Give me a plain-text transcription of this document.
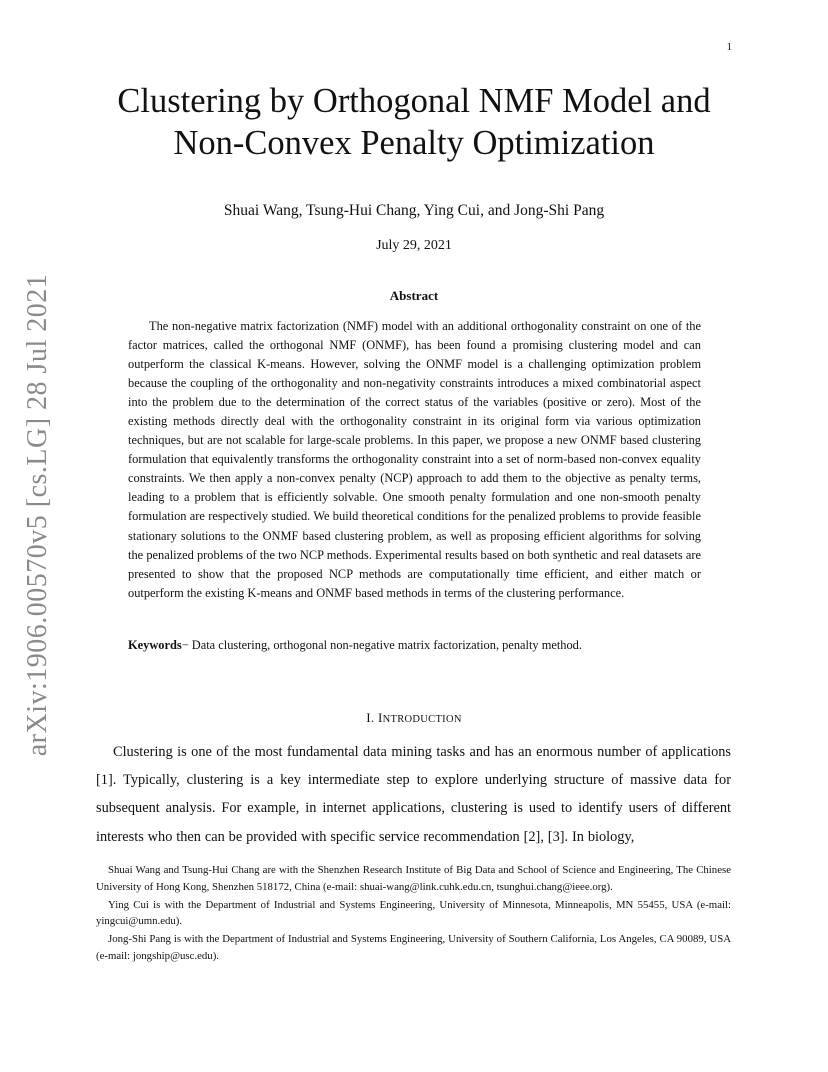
1
arXiv:1906.00570v5 [cs.LG] 28 Jul 2021
Clustering by Orthogonal NMF Model and Non-Convex Penalty Optimization
Shuai Wang, Tsung-Hui Chang, Ying Cui, and Jong-Shi Pang
July 29, 2021
Abstract

The non-negative matrix factorization (NMF) model with an additional orthogonality constraint on one of the factor matrices, called the orthogonal NMF (ONMF), has been found a promising clustering model and can outperform the classical K-means. However, solving the ONMF model is a challenging optimization problem because the coupling of the orthogonality and non-negativity constraints introduces a mixed combinatorial aspect into the problem due to the determination of the correct status of the variables (positive or zero). Most of the existing methods directly deal with the orthogonality constraint in its original form via various optimization techniques, but are not scalable for large-scale problems. In this paper, we propose a new ONMF based clustering formulation that equivalently transforms the orthogonality constraint into a set of norm-based non-convex equality constraints. We then apply a non-convex penalty (NCP) approach to add them to the objective as penalty terms, leading to a problem that is efficiently solvable. One smooth penalty formulation and one non-smooth penalty formulation are respectively studied. We build theoretical conditions for the penalized problems to provide feasible stationary solutions to the ONMF based clustering problem, as well as proposing efficient algorithms for solving the penalized problems of the two NCP methods. Experimental results based on both synthetic and real datasets are presented to show that the proposed NCP methods are computationally time efficient, and either match or outperform the existing K-means and ONMF based methods in terms of the clustering performance.

Keywords− Data clustering, orthogonal non-negative matrix factorization, penalty method.
I. INTRODUCTION

Clustering is one of the most fundamental data mining tasks and has an enormous number of applications [1]. Typically, clustering is a key intermediate step to explore underlying structure of massive data for subsequent analysis. For example, in internet applications, clustering is used to identify users of different interests who then can be provided with specific service recommendation [2], [3]. In biology,

Shuai Wang and Tsung-Hui Chang are with the Shenzhen Research Institute of Big Data and School of Science and Engineering, The Chinese University of Hong Kong, Shenzhen 518172, China (e-mail: shuai-wang@link.cuhk.edu.cn, tsunghui.chang@ieee.org).

Ying Cui is with the Department of Industrial and Systems Engineering, University of Minnesota, Minneapolis, MN 55455, USA (e-mail: yingcui@umn.edu).

Jong-Shi Pang is with the Department of Industrial and Systems Engineering, University of Southern California, Los Angeles, CA 90089, USA (e-mail: jongship@usc.edu).
